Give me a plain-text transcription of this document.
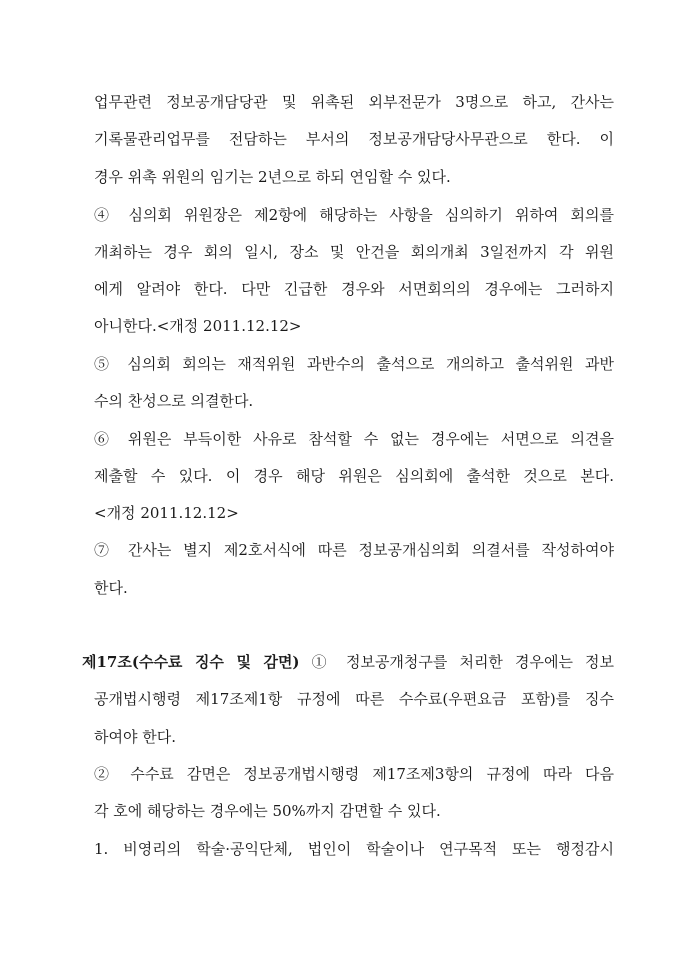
업무관련 정보공개담당관 및 위촉된 외부전문가 3명으로 하고, 간사는
기록물관리업무를 전담하는 부서의 정보공개담당사무관으로 한다. 이
경우 위촉 위원의 임기는 2년으로 하되 연임할 수 있다.
④ 심의회 위원장은 제2항에 해당하는 사항을 심의하기 위하여 회의를
개최하는 경우 회의 일시, 장소 및 안건을 회의개최 3일전까지 각 위원
에게 알려야 한다. 다만 긴급한 경우와 서면회의의 경우에는 그러하지
아니한다.<개정 2011.12.12>
⑤ 심의회 회의는 재적위원 과반수의 출석으로 개의하고 출석위원 과반
수의 찬성으로 의결한다.
⑥ 위원은 부득이한 사유로 참석할 수 없는 경우에는 서면으로 의견을
제출할 수 있다. 이 경우 해당 위원은 심의회에 출석한 것으로 본다.
<개정 2011.12.12>
⑦ 간사는 별지 제2호서식에 따른 정보공개심의회 의결서를 작성하여야
한다.
제17조(수수료 징수 및 감면) ① 정보공개청구를 처리한 경우에는 정보
공개법시행령 제17조제1항 규정에 따른 수수료(우편요금 포함)를 징수
하여야 한다.
② 수수료 감면은 정보공개법시행령 제17조제3항의 규정에 따라 다음
각 호에 해당하는 경우에는 50%까지 감면할 수 있다.
1. 비영리의 학술·공익단체, 법인이 학술이나 연구목적 또는 행정감시
